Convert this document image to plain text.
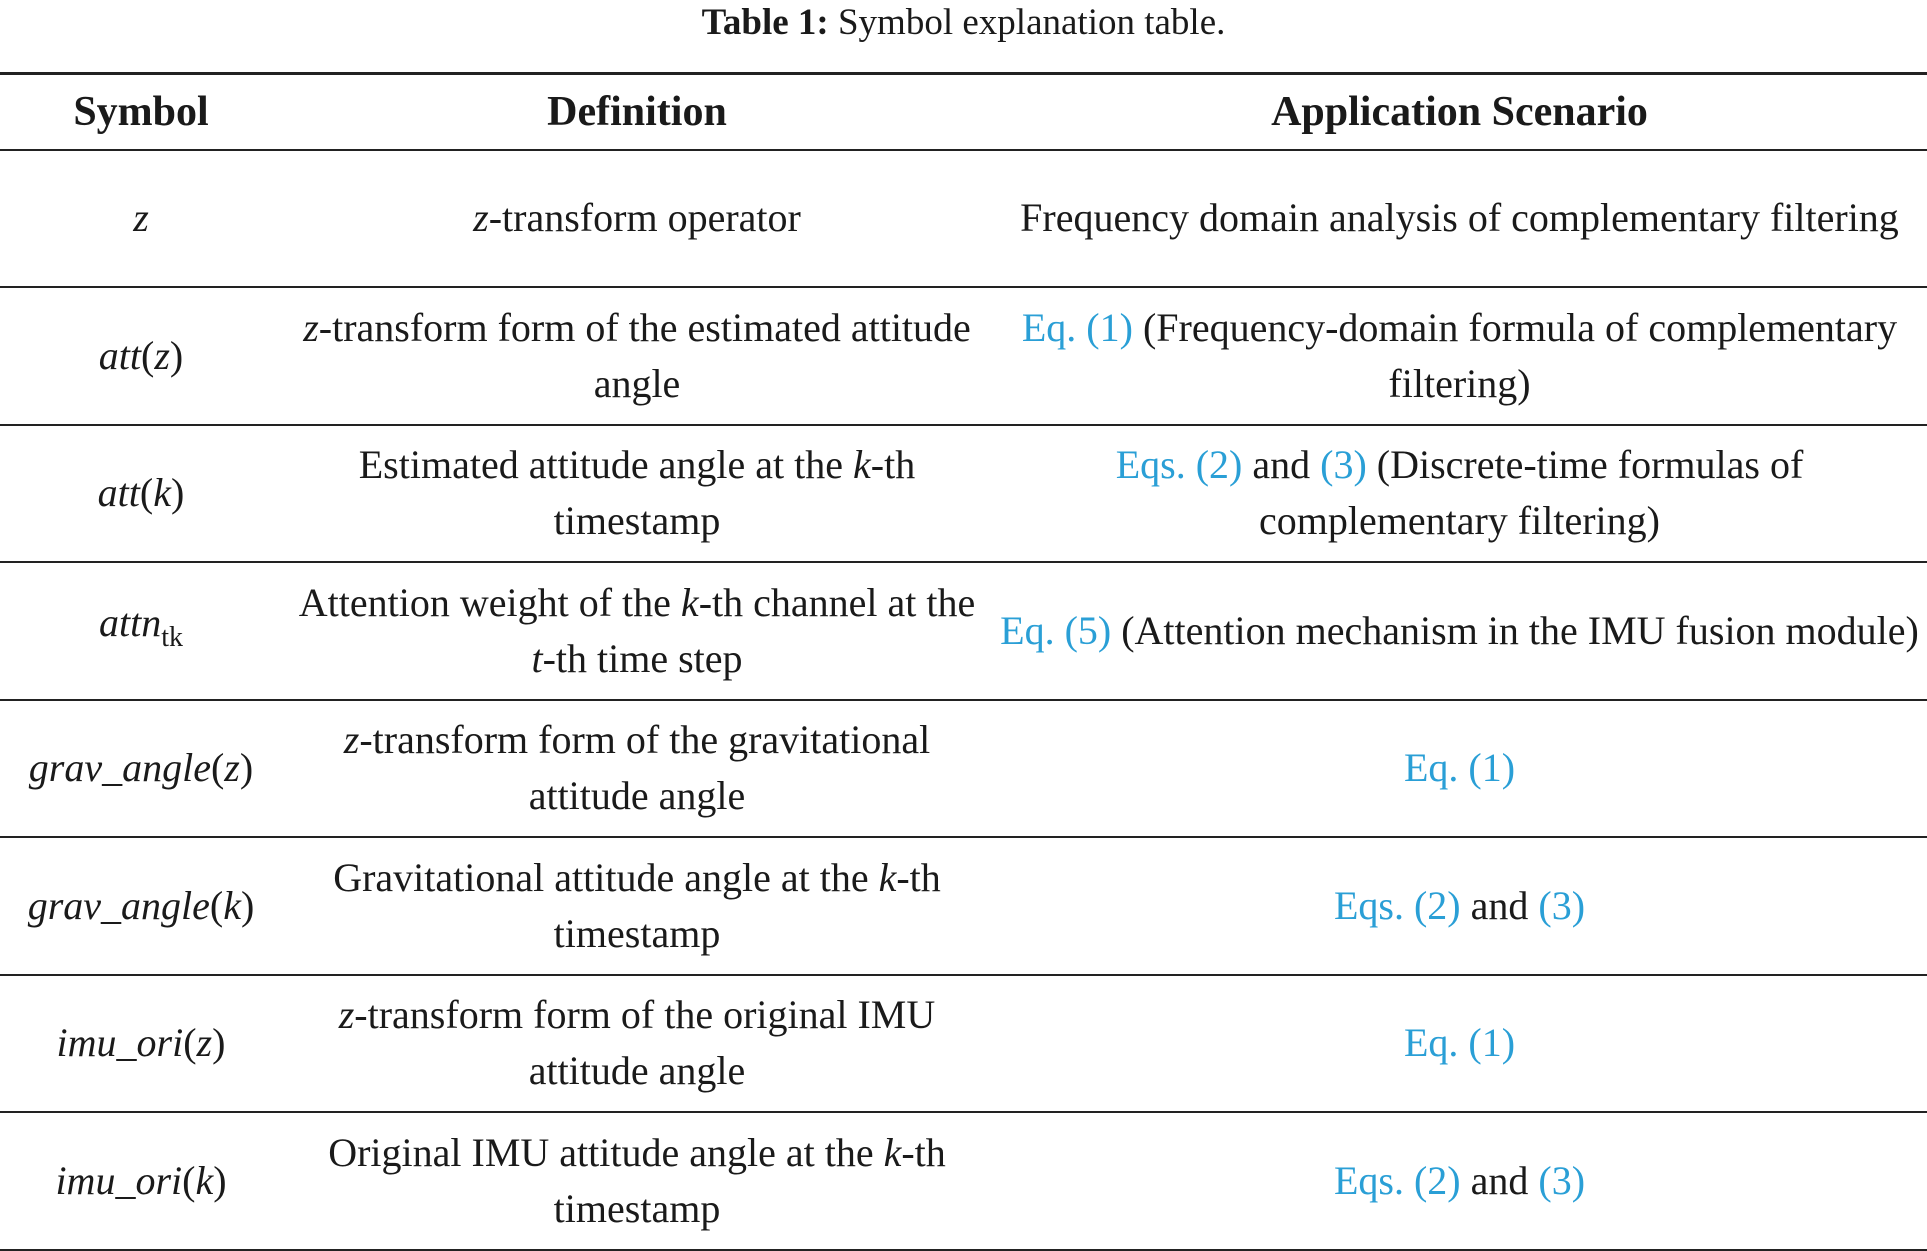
Table 1: Symbol explanation table.
Symbol	Definition	Application Scenario
z	z-transform operator	Frequency domain analysis of complementary filtering
att(z)	z-transform form of the estimated attitude angle	Eq. (1) (Frequency-domain formula of complementary filtering)
att(k)	Estimated attitude angle at the k-th timestamp	Eqs. (2) and (3) (Discrete-time formulas of complementary filtering)
attn$_{tk}$	Attention weight of the k-th channel at the t-th time step	Eq. (5) (Attention mechanism in the IMU fusion module)
grav_angle(z)	z-transform form of the gravitational attitude angle	Eq. (1)
grav_angle(k)	Gravitational attitude angle at the k-th timestamp	Eqs. (2) and (3)
imu_ori(z)	z-transform form of the original IMU attitude angle	Eq. (1)
imu_ori(k)	Original IMU attitude angle at the k-th timestamp	Eqs. (2) and (3)
